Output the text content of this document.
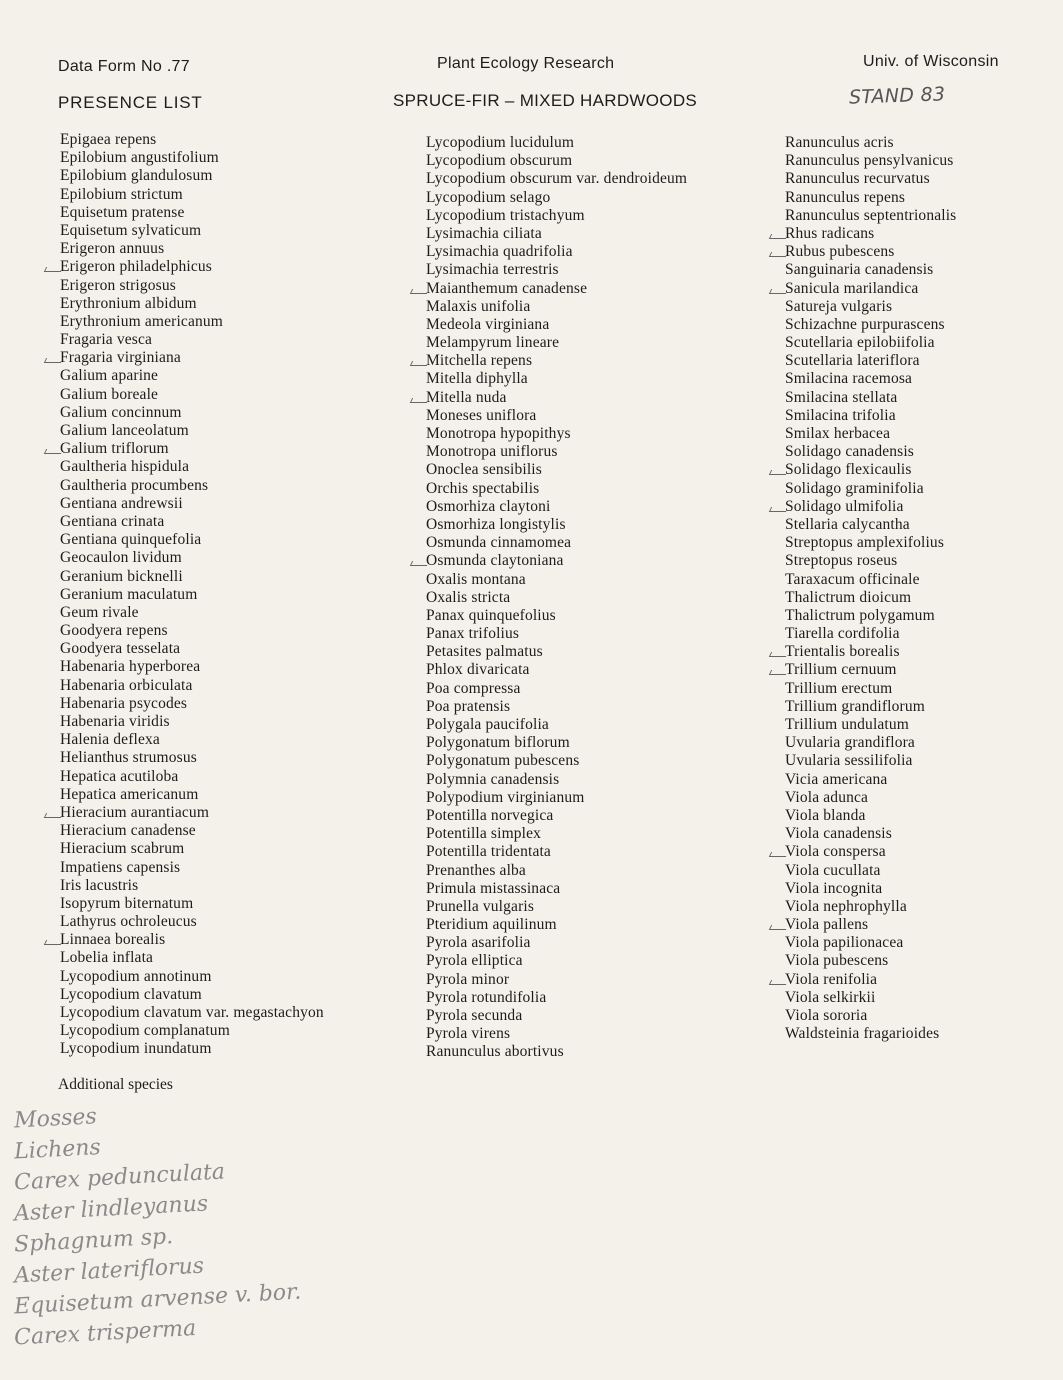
Data Form No .77	Plant Ecology Research	Univ. of Wisconsin
PRESENCE LIST	SPRUCE-FIR – MIXED HARDWOODS	STAND 83
Epigaea repens
Epilobium angustifolium
Epilobium glandulosum
Epilobium strictum
Equisetum pratense
Equisetum sylvaticum
Erigeron annuus
Erigeron philadelphicus
Erigeron strigosus
Erythronium albidum
Erythronium americanum
Fragaria vesca
Fragaria virginiana
Galium aparine
Galium boreale
Galium concinnum
Galium lanceolatum
Galium triflorum
Gaultheria hispidula
Gaultheria procumbens
Gentiana andrewsii
Gentiana crinata
Gentiana quinquefolia
Geocaulon lividum
Geranium bicknelli
Geranium maculatum
Geum rivale
Goodyera repens
Goodyera tesselata
Habenaria hyperborea
Habenaria orbiculata
Habenaria psycodes
Habenaria viridis
Halenia deflexa
Helianthus strumosus
Hepatica acutiloba
Hepatica americanum
Hieracium aurantiacum
Hieracium canadense
Hieracium scabrum
Impatiens capensis
Iris lacustris
Isopyrum biternatum
Lathyrus ochroleucus
Linnaea borealis
Lobelia inflata
Lycopodium annotinum
Lycopodium clavatum
Lycopodium clavatum var. megastachyon
Lycopodium complanatum
Lycopodium inundatum
Lycopodium lucidulum
Lycopodium obscurum
Lycopodium obscurum var. dendroideum
Lycopodium selago
Lycopodium tristachyum
Lysimachia ciliata
Lysimachia quadrifolia
Lysimachia terrestris
Maianthemum canadense
Malaxis unifolia
Medeola virginiana
Melampyrum lineare
Mitchella repens
Mitella diphylla
Mitella nuda
Moneses uniflora
Monotropa hypopithys
Monotropa uniflorus
Onoclea sensibilis
Orchis spectabilis
Osmorhiza claytoni
Osmorhiza longistylis
Osmunda cinnamomea
Osmunda claytoniana
Oxalis montana
Oxalis stricta
Panax quinquefolius
Panax trifolius
Petasites palmatus
Phlox divaricata
Poa compressa
Poa pratensis
Polygala paucifolia
Polygonatum biflorum
Polygonatum pubescens
Polymnia canadensis
Polypodium virginianum
Potentilla norvegica
Potentilla simplex
Potentilla tridentata
Prenanthes alba
Primula mistassinaca
Prunella vulgaris
Pteridium aquilinum
Pyrola asarifolia
Pyrola elliptica
Pyrola minor
Pyrola rotundifolia
Pyrola secunda
Pyrola virens
Ranunculus abortivus
Ranunculus acris
Ranunculus pensylvanicus
Ranunculus recurvatus
Ranunculus repens
Ranunculus septentrionalis
Rhus radicans
Rubus pubescens
Sanguinaria canadensis
Sanicula marilandica
Satureja vulgaris
Schizachne purpurascens
Scutellaria epilobiifolia
Scutellaria lateriflora
Smilacina racemosa
Smilacina stellata
Smilacina trifolia
Smilax herbacea
Solidago canadensis
Solidago flexicaulis
Solidago graminifolia
Solidago ulmifolia
Stellaria calycantha
Streptopus amplexifolius
Streptopus roseus
Taraxacum officinale
Thalictrum dioicum
Thalictrum polygamum
Tiarella cordifolia
Trientalis borealis
Trillium cernuum
Trillium erectum
Trillium grandiflorum
Trillium undulatum
Uvularia grandiflora
Uvularia sessilifolia
Vicia americana
Viola adunca
Viola blanda
Viola canadensis
Viola conspersa
Viola cucullata
Viola incognita
Viola nephrophylla
Viola pallens
Viola papilionacea
Viola pubescens
Viola renifolia
Viola selkirkii
Viola sororia
Waldsteinia fragarioides
Additional species
Mosses
Lichens
Carex pedunculata
Aster lindleyanus
Sphagnum sp.
Aster lateriflorus
Equisetum arvense v. bor.
Carex trisperma
